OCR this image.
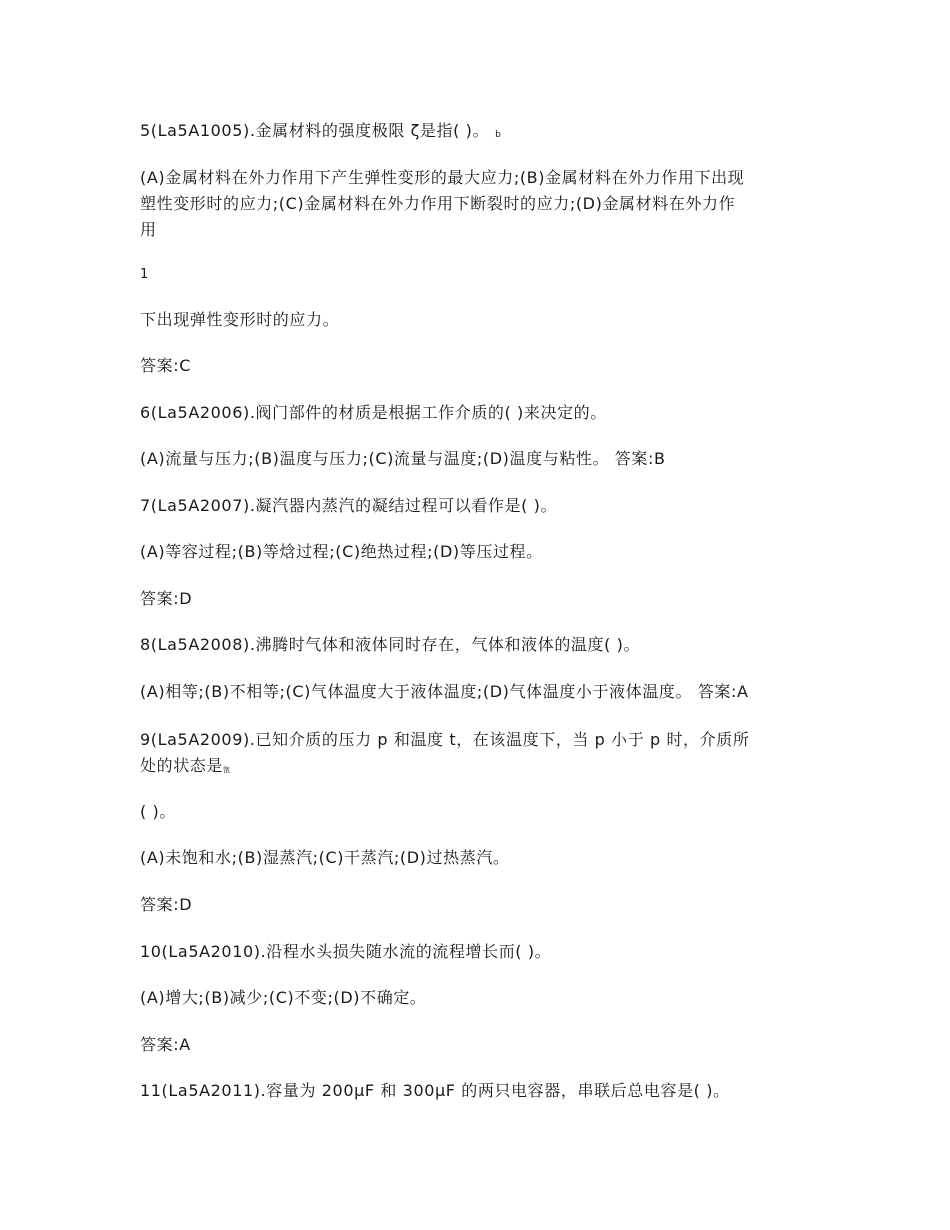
5(La5A1005).金属材料的强度极限 ζ是指( )。 b
(A)金属材料在外力作用下产生弹性变形的最大应力;(B)金属材料在外力作用下出现
塑性变形时的应力;(C)金属材料在外力作用下断裂时的应力;(D)金属材料在外力作
用
1
下出现弹性变形时的应力。
答案:C
6(La5A2006).阀门部件的材质是根据工作介质的( )来决定的。
(A)流量与压力;(B)温度与压力;(C)流量与温度;(D)温度与粘性。 答案:B
7(La5A2007).凝汽器内蒸汽的凝结过程可以看作是( )。
(A)等容过程;(B)等焓过程;(C)绝热过程;(D)等压过程。
答案:D
8(La5A2008).沸腾时气体和液体同时存在，气体和液体的温度( )。
(A)相等;(B)不相等;(C)气体温度大于液体温度;(D)气体温度小于液体温度。 答案:A
9(La5A2009).已知介质的压力 p 和温度 t，在该温度下，当 p 小于 p 时，介质所
处的状态是饱
( )。
(A)未饱和水;(B)湿蒸汽;(C)干蒸汽;(D)过热蒸汽。
答案:D
10(La5A2010).沿程水头损失随水流的流程增长而( )。
(A)增大;(B)减少;(C)不变;(D)不确定。
答案:A
11(La5A2011).容量为 200μF 和 300μF 的两只电容器，串联后总电容是( )。
